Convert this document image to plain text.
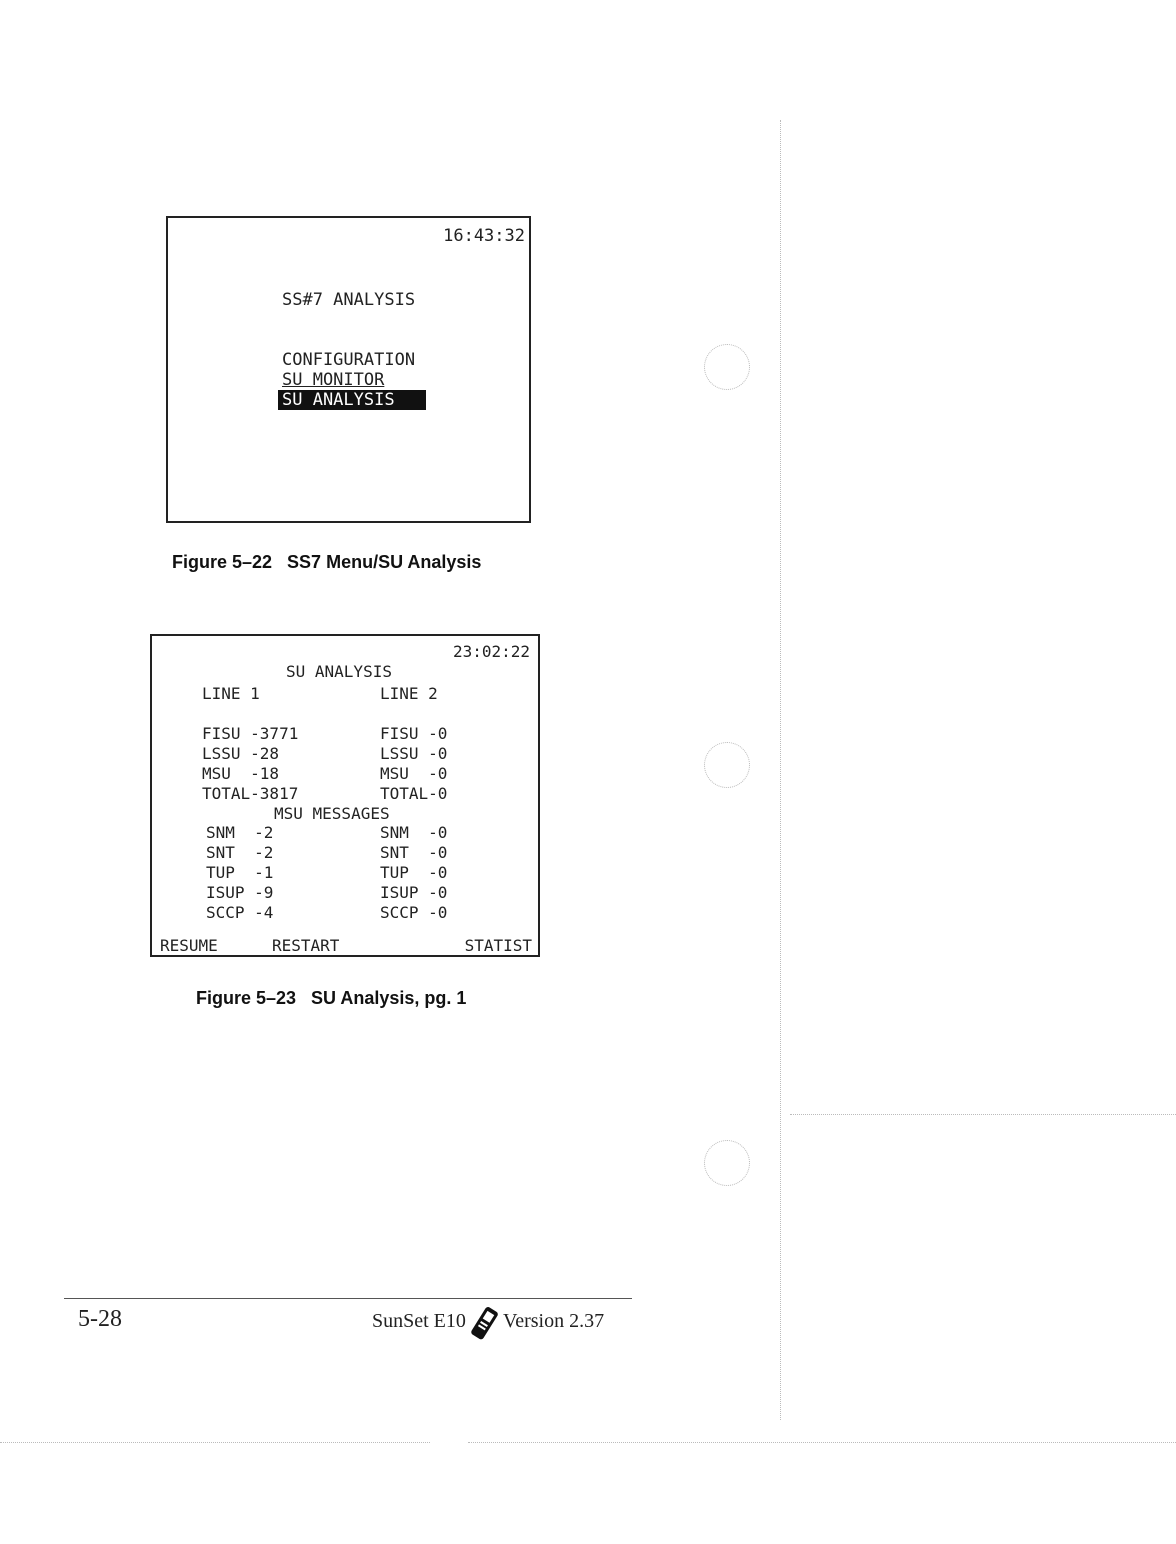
16:43:32
SS#7 ANALYSIS
CONFIGURATION
SU MONITOR
SU ANALYSIS
Figure 5–22   SS7 Menu/SU Analysis
23:02:22
SU ANALYSIS
LINE 1	LINE 2
FISU -3771	FISU -0
LSSU -28	LSSU -0
MSU  -18	MSU  -0
TOTAL-3817	TOTAL-0
MSU MESSAGES
SNM  -2	SNM  -0
SNT  -2	SNT  -0
TUP  -1	TUP  -0
ISUP -9	ISUP -0
SCCP -4	SCCP -0
RESUME	RESTART	STATIST
Figure 5–23   SU Analysis, pg. 1
5-28	SunSet E10 Version 2.37
